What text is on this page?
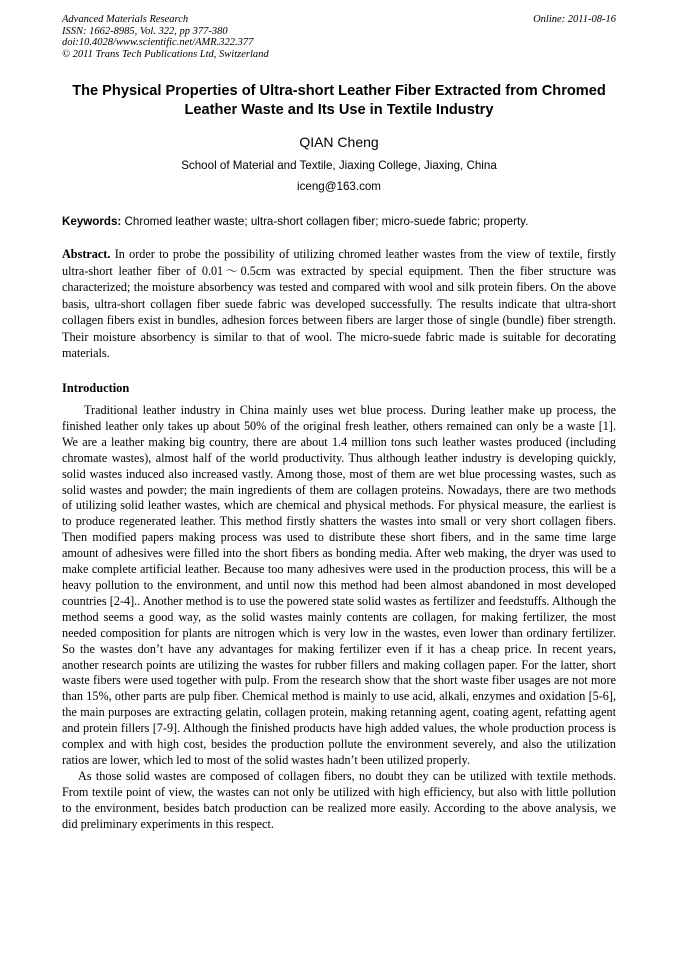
Advanced Materials Research
ISSN: 1662-8985, Vol. 322, pp 377-380
doi:10.4028/www.scientific.net/AMR.322.377
© 2011 Trans Tech Publications Ltd, Switzerland
Online: 2011-08-16
The Physical Properties of Ultra-short Leather Fiber Extracted from Chromed Leather Waste and Its Use in Textile Industry
QIAN Cheng
School of Material and Textile, Jiaxing College, Jiaxing, China
iceng@163.com
Keywords: Chromed leather waste; ultra-short collagen fiber; micro-suede fabric; property.
Abstract. In order to probe the possibility of utilizing chromed leather wastes from the view of textile, firstly ultra-short leather fiber of 0.01～0.5cm was extracted by special equipment. Then the fiber structure was characterized; the moisture absorbency was tested and compared with wool and silk protein fibers. On the above basis, ultra-short collagen fiber suede fabric was developed successfully. The results indicate that ultra-short collagen fibers exist in bundles, adhesion forces between fibers are larger those of single (bundle) fiber strength. Their moisture absorbency is similar to that of wool. The micro-suede fabric made is suitable for decorating materials.
Introduction

Traditional leather industry in China mainly uses wet blue process. During leather make up process, the finished leather only takes up about 50% of the original fresh leather, others remained can only be a waste [1]. We are a leather making big country, there are about 1.4 million tons such leather wastes produced (including chromate wastes), almost half of the world productivity. Thus although leather industry is developing quickly, solid wastes induced also increased vastly. Among those, most of them are wet blue processing wastes, such as solid wastes and powder; the main ingredients of them are collagen proteins. Nowadays, there are two methods of utilizing solid leather wastes, which are chemical and physical methods. For physical measure, the earliest is to produce regenerated leather. This method firstly shatters the wastes into small or very short collagen fibers. Then modified papers making process was used to distribute these short fibers, and in the same time large amount of adhesives were filled into the short fibers as bonding media. After web making, the dryer was used to make complete artificial leather. Because too many adhesives were used in the production process, this will be a heavy pollution to the environment, and until now this method had been almost abandoned in most developed countries [2-4].. Another method is to use the powered state solid wastes as fertilizer and feedstuffs. Although the method seems a good way, as the solid wastes mainly contents are collagen, for making fertilizer, the most needed composition for plants are nitrogen which is very low in the wastes, even lower than ordinary fertilizer. So the wastes don’t have any advantages for making fertilizer even if it has a cheap price. In recent years, another research points are utilizing the wastes for rubber fillers and making collagen paper. For the latter, short waste fibers were used together with pulp. From the research show that the short waste fiber usages are not more than 15%, other parts are pulp fiber. Chemical method is mainly to use acid, alkali, enzymes and oxidation [5-6], the main purposes are extracting gelatin, collagen protein, making retanning agent, coating agent, refatting agent and protein fillers [7-9]. Although the finished products have high added values, the whole production process is complex and with high cost, besides the production pollute the environment severely, and also the utilization ratios are lower, which led to most of the solid wastes hadn’t been utilized properly.

As those solid wastes are composed of collagen fibers, no doubt they can be utilized with textile methods. From textile point of view, the wastes can not only be utilized with high efficiency, but also with little pollution to the environment, besides batch production can be realized more easily. According to the above analysis, we did preliminary experiments in this respect.
